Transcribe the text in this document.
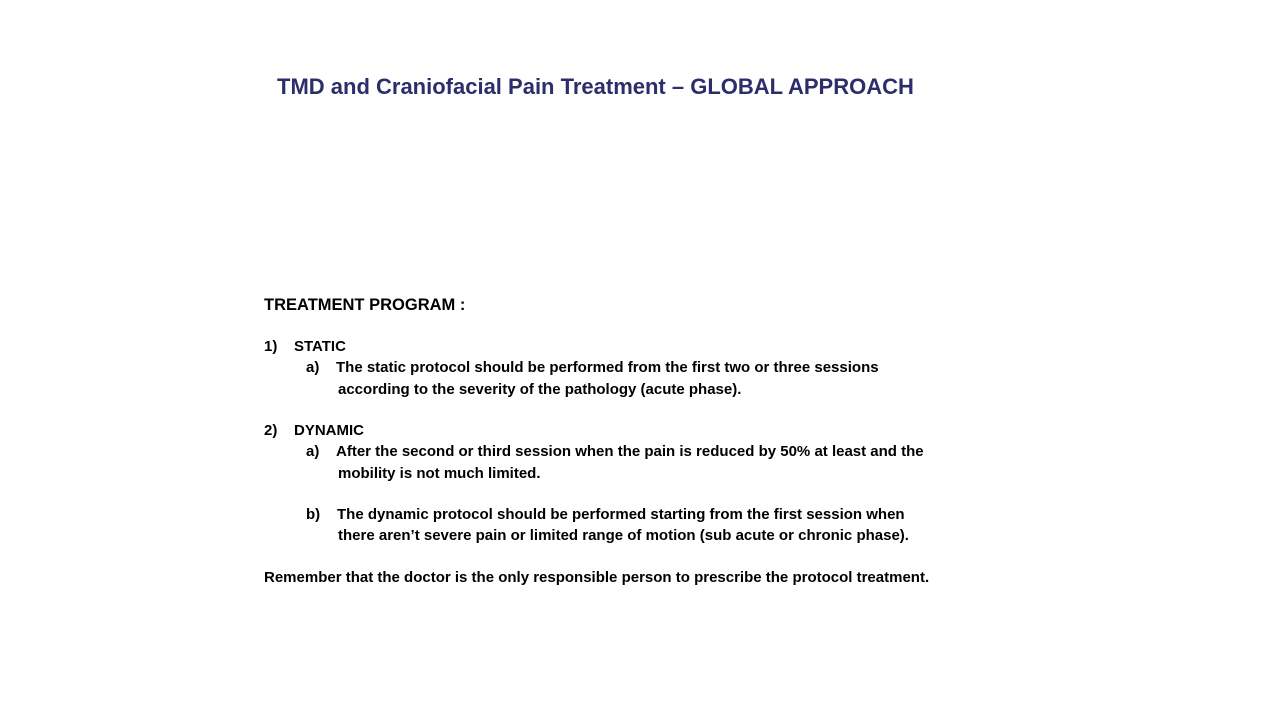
TMD and Craniofacial Pain Treatment – GLOBAL APPROACH
TREATMENT PROGRAM :
1) STATIC
a) The static protocol should be performed from the first two or three sessions
according to the severity of the pathology (acute phase).
2) DYNAMIC
a) After the second or third session when the pain is reduced by 50% at least and the
mobility is not much limited.
b) The dynamic protocol should be performed starting from the first session when
there aren’t severe pain or limited range of motion (sub acute or chronic phase).
Remember that the doctor is the only responsible person to prescribe the protocol treatment.
